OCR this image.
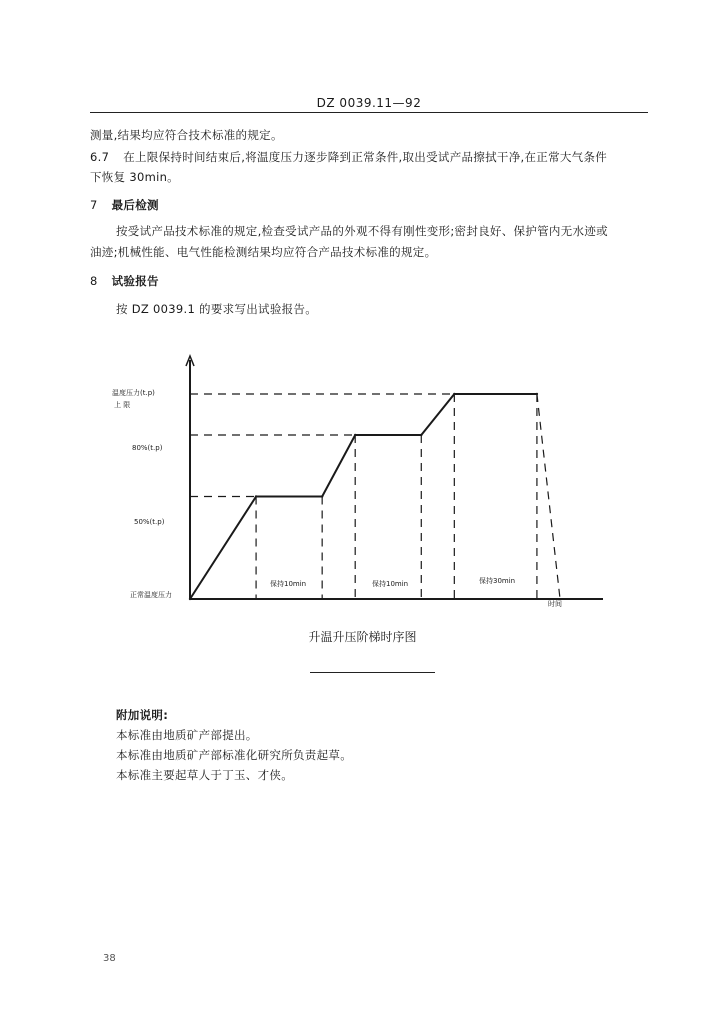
DZ 0039.11—92
测量,结果均应符合技术标准的规定。
6.7 在上限保持时间结束后,将温度压力逐步降到正常条件,取出受试产品擦拭干净,在正常大气条件
下恢复 30min。
7 最后检测
按受试产品技术标准的规定,检查受试产品的外观不得有刚性变形;密封良好、保护管内无水迹或
油迹;机械性能、电气性能检测结果均应符合产品技术标准的规定。
8 试验报告
按 DZ 0039.1 的要求写出试验报告。
温度压力(t.p)
上 限
80%(t.p)
50%(t.p)
正常温度压力
保持10min	保持10min	保持30min
时间
升温升压阶梯时序图
附加说明:
本标准由地质矿产部提出。
本标准由地质矿产部标准化研究所负责起草。
本标准主要起草人于丁玉、才侠。
38
